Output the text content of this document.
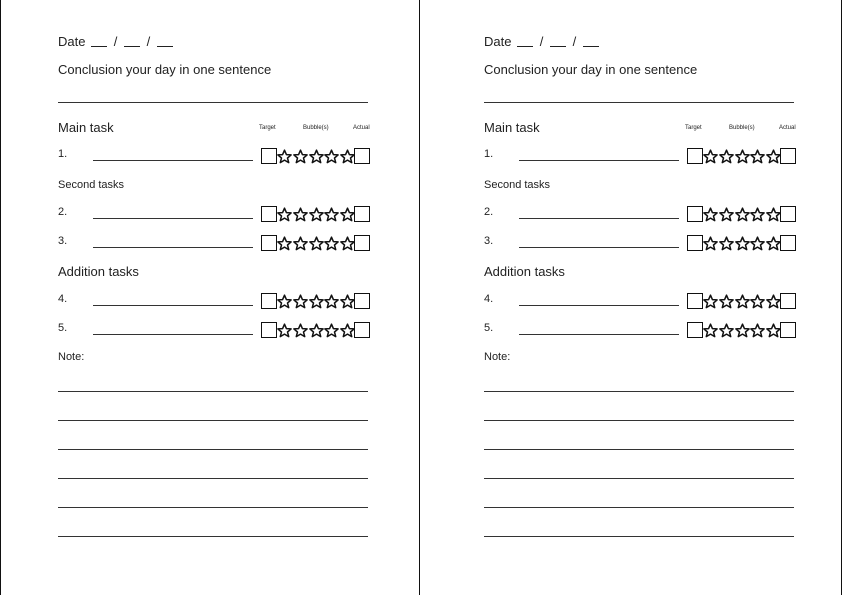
Date / /
Conclusion your day in one sentence
Main task	Target	Bubble(s)	Actual
Second tasks
Addition tasks
Note:
1.
2.
3.
4.
5.
Date / /
Conclusion your day in one sentence
Main task	Target	Bubble(s)	Actual
Second tasks
Addition tasks
Note:
1.
2.
3.
4.
5.
